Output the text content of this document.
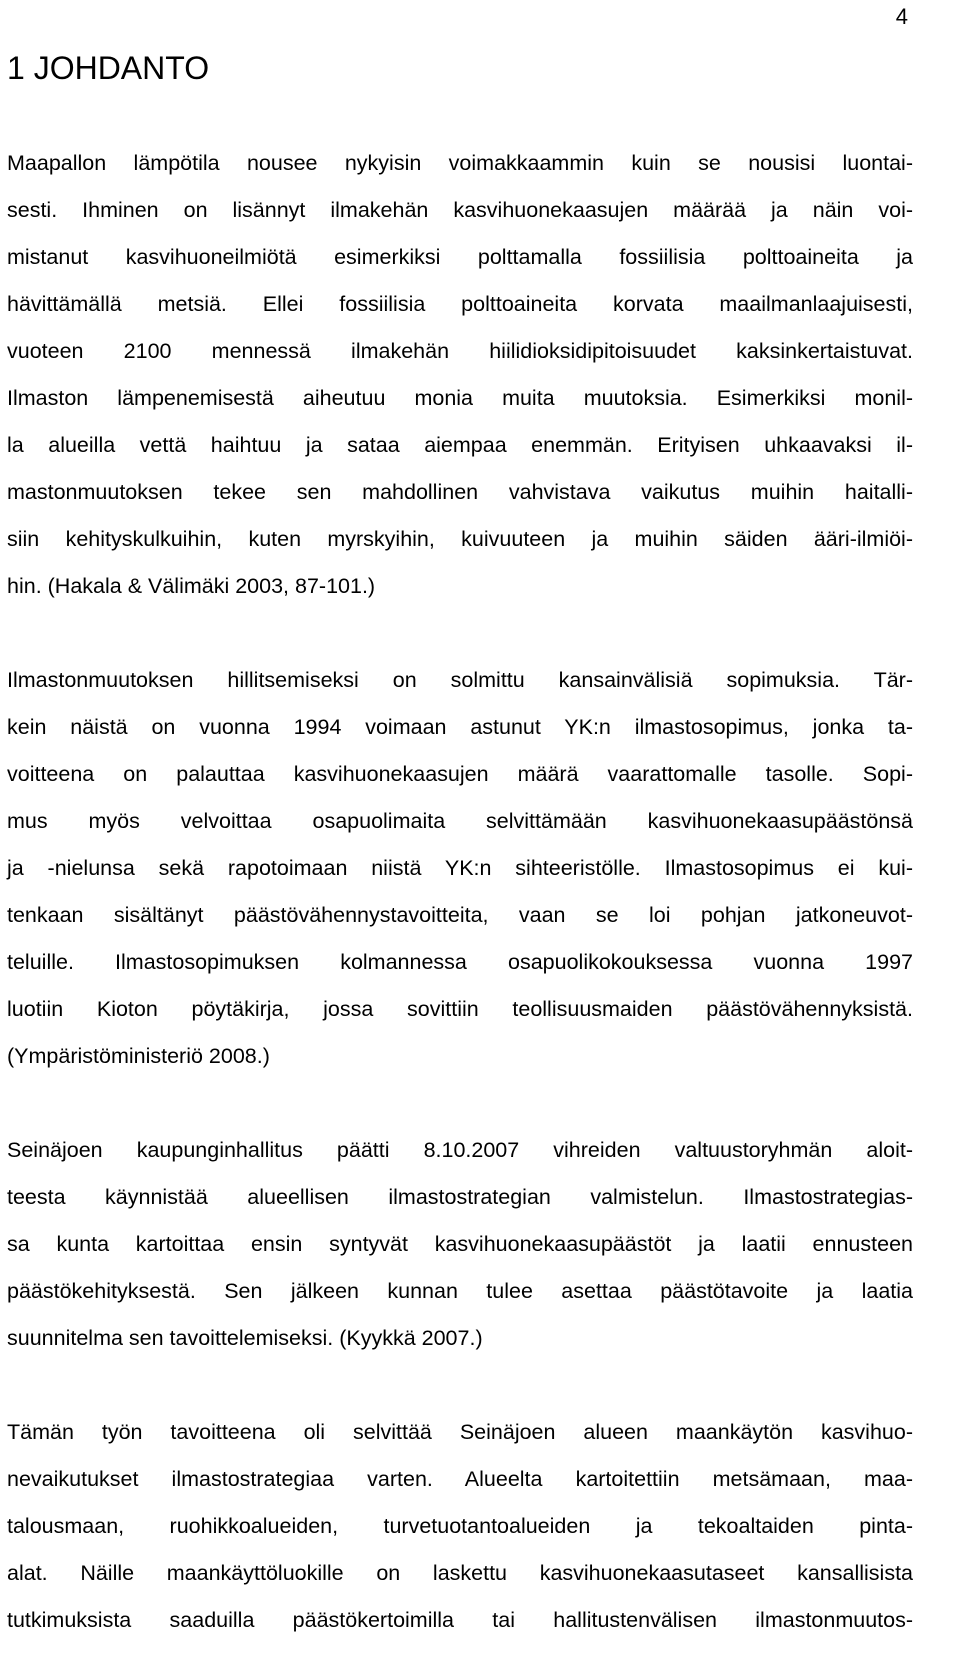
4
1 JOHDANTO

Maapallon lämpötila nousee nykyisin voimakkaammin kuin se nousisi luontai-
sesti. Ihminen on lisännyt ilmakehän kasvihuonekaasujen määrää ja näin voi-
mistanut kasvihuoneilmiötä esimerkiksi polttamalla fossiilisia polttoaineita ja
hävittämällä metsiä. Ellei fossiilisia polttoaineita korvata maailmanlaajuisesti,
vuoteen 2100 mennessä ilmakehän hiilidioksidipitoisuudet kaksinkertaistuvat.
Ilmaston lämpenemisestä aiheutuu monia muita muutoksia. Esimerkiksi monil-
la alueilla vettä haihtuu ja sataa aiempaa enemmän. Erityisen uhkaavaksi il-
mastonmuutoksen tekee sen mahdollinen vahvistava vaikutus muihin haitalli-
siin kehityskulkuihin, kuten myrskyihin, kuivuuteen ja muihin säiden ääri-ilmiöi-
hin. (Hakala & Välimäki 2003, 87-101.)

Ilmastonmuutoksen hillitsemiseksi on solmittu kansainvälisiä sopimuksia. Tär-
kein näistä on vuonna 1994 voimaan astunut YK:n ilmastosopimus, jonka ta-
voitteena on palauttaa kasvihuonekaasujen määrä vaarattomalle tasolle. Sopi-
mus myös velvoittaa osapuolimaita selvittämään kasvihuonekaasupäästönsä
ja -nielunsa sekä rapotoimaan niistä YK:n sihteeristölle. Ilmastosopimus ei kui-
tenkaan sisältänyt päästövähennystavoitteita, vaan se loi pohjan jatkoneuvot-
teluille. Ilmastosopimuksen kolmannessa osapuolikokouksessa vuonna 1997
luotiin Kioton pöytäkirja, jossa sovittiin teollisuusmaiden päästövähennyksistä.
(Ympäristöministeriö 2008.)

Seinäjoen kaupunginhallitus päätti 8.10.2007 vihreiden valtuustoryhmän aloit-
teesta käynnistää alueellisen ilmastostrategian valmistelun. Ilmastostrategias-
sa kunta kartoittaa ensin syntyvät kasvihuonekaasupäästöt ja laatii ennusteen
päästökehityksestä. Sen jälkeen kunnan tulee asettaa päästötavoite ja laatia
suunnitelma sen tavoittelemiseksi. (Kyykkä 2007.)

Tämän työn tavoitteena oli selvittää Seinäjoen alueen maankäytön kasvihuo-
nevaikutukset ilmastostrategiaa varten. Alueelta kartoitettiin metsämaan, maa-
talousmaan, ruohikkoalueiden, turvetuotantoalueiden ja tekoaltaiden pinta-
alat. Näille maankäyttöluokille on laskettu kasvihuonekaasutaseet kansallisista
tutkimuksista saaduilla päästökertoimilla tai hallitustenvälisen ilmastonmuutos-
